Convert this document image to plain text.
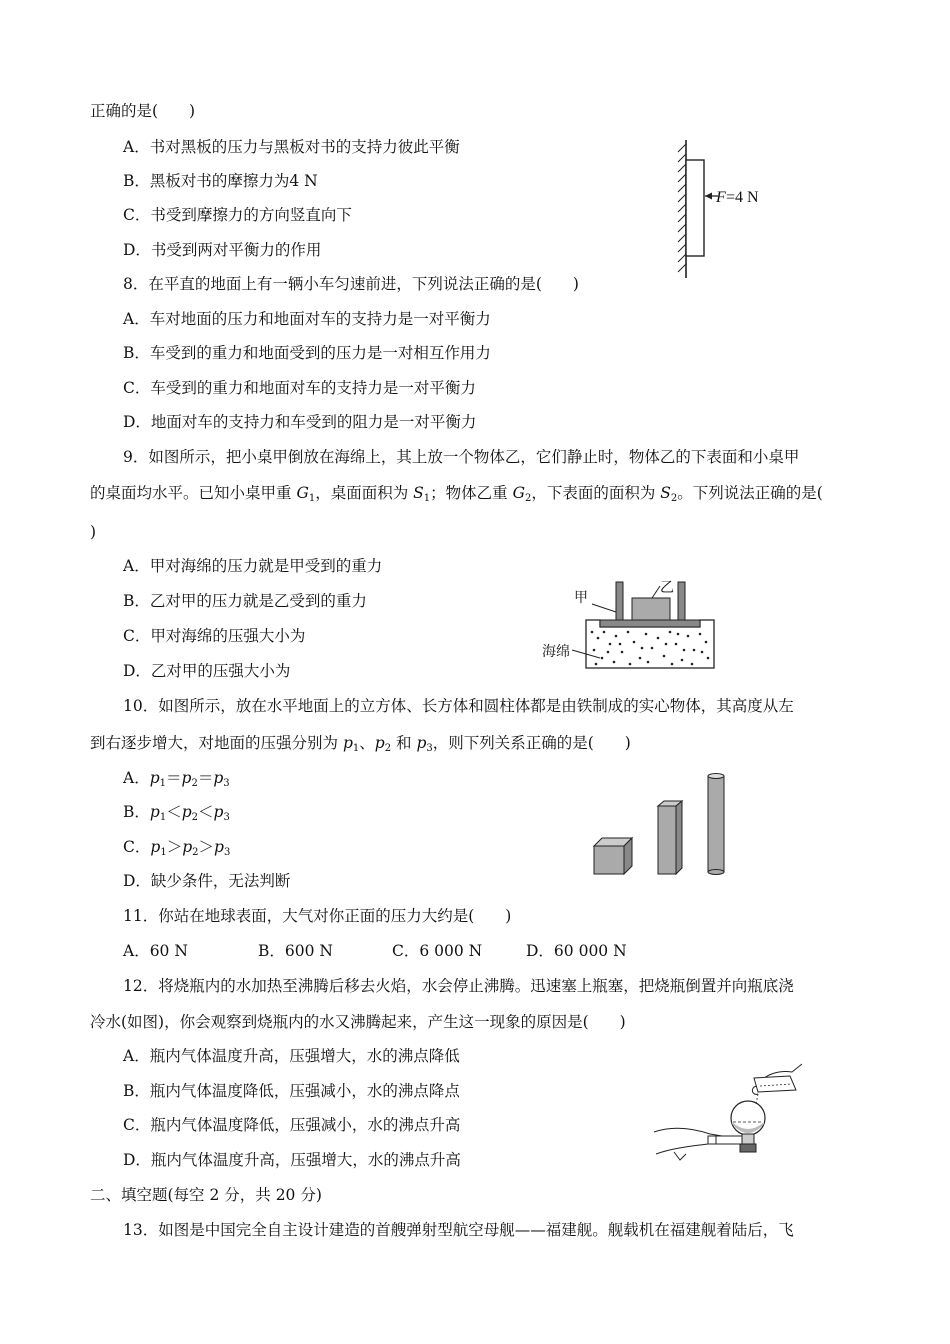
正确的是(　　)
A．书对黑板的压力与黑板对书的支持力彼此平衡
B．黑板对书的摩擦力为4 N
C．书受到摩擦力的方向竖直向下
D．书受到两对平衡力的作用
F =4 N
8．在平直的地面上有一辆小车匀速前进，下列说法正确的是(　　)
A．车对地面的压力和地面对车的支持力是一对平衡力
B．车受到的重力和地面受到的压力是一对相互作用力
C．车受到的重力和地面对车的支持力是一对平衡力
D．地面对车的支持力和车受到的阻力是一对平衡力
9．如图所示，把小桌甲倒放在海绵上，其上放一个物体乙，它们静止时，物体乙的下表面和小桌甲
的桌面均水平。已知小桌甲重 $G_1$，桌面面积为 $S_1$；物体乙重 $G_2$，下表面的面积为 $S_2$。下列说法正确的是(
)
A．甲对海绵的压力就是甲受到的重力
B．乙对甲的压力就是乙受到的重力
C．甲对海绵的压强大小为
D．乙对甲的压强大小为
甲
乙
海绵
10．如图所示，放在水平地面上的立方体、长方体和圆柱体都是由铁制成的实心物体，其高度从左
到右逐步增大，对地面的压强分别为 $p_1$、$p_2$ 和 $p_3$，则下列关系正确的是(　　)
A．$p_1=p_2=p_3$
B．$p_1<p_2<p_3$
C．$p_1>p_2>p_3$
D．缺少条件，无法判断
11．你站在地球表面，大气对你正面的压力大约是(　　)
A．60 N	B．600 N	C．6 000 N	D．60 000 N
12．将烧瓶内的水加热至沸腾后移去火焰，水会停止沸腾。迅速塞上瓶塞，把烧瓶倒置并向瓶底浇
冷水(如图)，你会观察到烧瓶内的水又沸腾起来，产生这一现象的原因是(　　)
A．瓶内气体温度升高，压强增大，水的沸点降低
B．瓶内气体温度降低，压强减小，水的沸点降点
C．瓶内气体温度降低，压强减小，水的沸点升高
D．瓶内气体温度升高，压强增大，水的沸点升高
二、填空题(每空 2 分，共 20 分)
13．如图是中国完全自主设计建造的首艘弹射型航空母舰——福建舰。舰载机在福建舰着陆后，飞
